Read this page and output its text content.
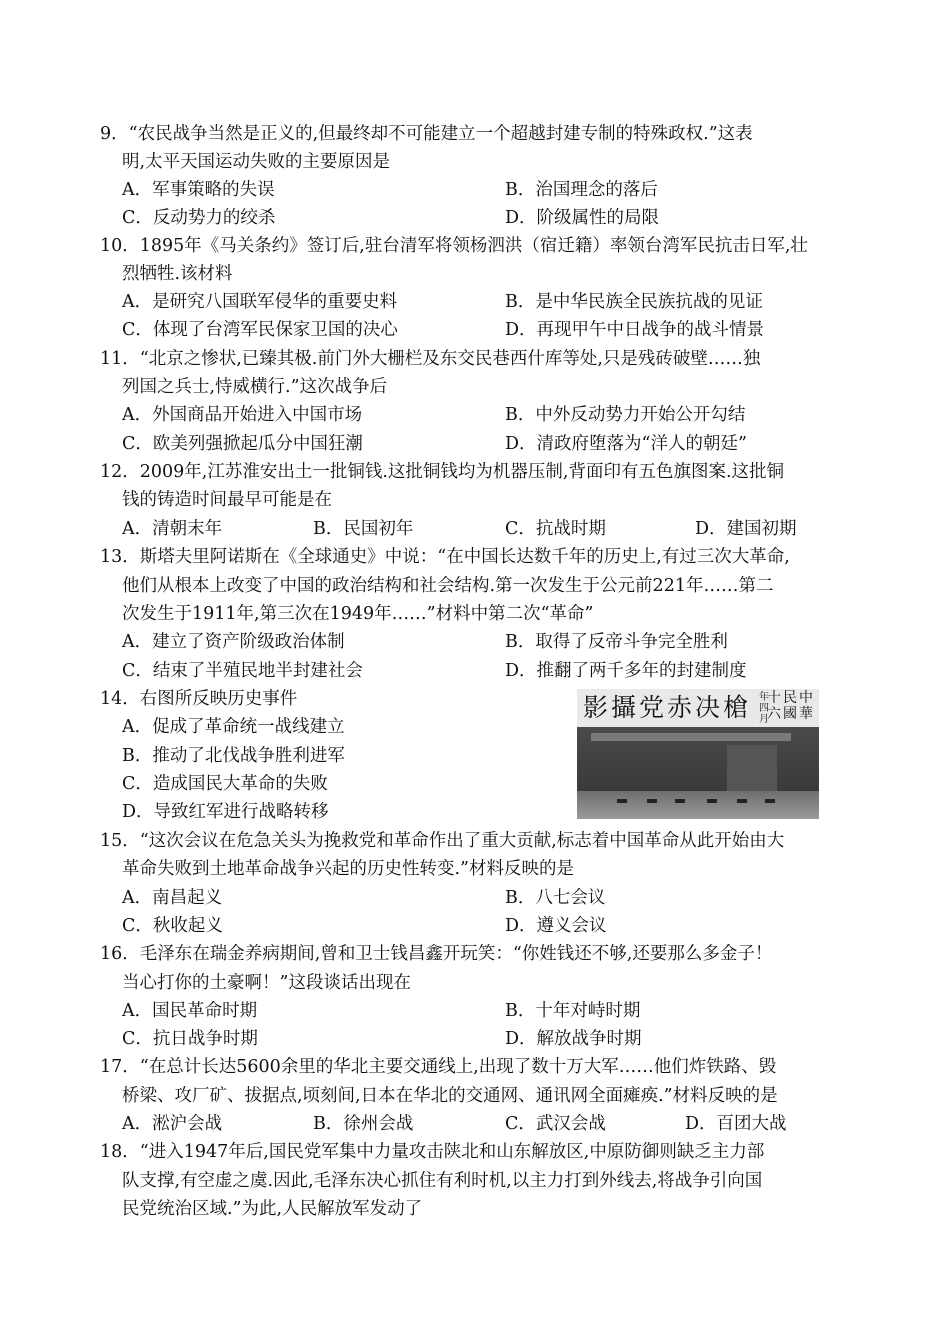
9．“农民战争当然是正义的,但最终却不可能建立一个超越封建专制的特殊政权.”这表
明,太平天国运动失败的主要原因是
A．军事策略的失误	B．治国理念的落后
C．反动势力的绞杀	D．阶级属性的局限
10．1895年《马关条约》签订后,驻台清军将领杨泗洪（宿迁籍）率领台湾军民抗击日军,壮
烈牺牲.该材料
A．是研究八国联军侵华的重要史料	B．是中华民族全民族抗战的见证
C．体现了台湾军民保家卫国的决心	D．再现甲午中日战争的战斗情景
11．“北京之惨状,已臻其极.前门外大栅栏及东交民巷西什库等处,只是残砖破壁……独
列国之兵士,恃威横行.”这次战争后
A．外国商品开始进入中国市场	B．中外反动势力开始公开勾结
C．欧美列强掀起瓜分中国狂潮	D．清政府堕落为“洋人的朝廷”
12．2009年,江苏淮安出土一批铜钱.这批铜钱均为机器压制,背面印有五色旗图案.这批铜
钱的铸造时间最早可能是在
A．清朝末年	B．民国初年	C．抗战时期	D．建国初期
13．斯塔夫里阿诺斯在《全球通史》中说：“在中国长达数千年的历史上,有过三次大革命,
他们从根本上改变了中国的政治结构和社会结构.第一次发生于公元前221年……第二
次发生于1911年,第三次在1949年……”材料中第二次“革命”
A．建立了资产阶级政治体制	B．取得了反帝斗争完全胜利
C．结束了半殖民地半封建社会	D．推翻了两千多年的封建制度
14．右图所反映历史事件
A．促成了革命统一战线建立
B．推动了北伐战争胜利进军
C．造成国民大革命的失败
D．导致红军进行战略转移
影攝党赤决槍	中
華
民
國
十
六
年
四
月
15．“这次会议在危急关头为挽救党和革命作出了重大贡献,标志着中国革命从此开始由大
革命失败到土地革命战争兴起的历史性转变.”材料反映的是
A．南昌起义	B．八七会议
C．秋收起义	D．遵义会议
16．毛泽东在瑞金养病期间,曾和卫士钱昌鑫开玩笑：“你姓钱还不够,还要那么多金子！
当心打你的土豪啊！”这段谈话出现在
A．国民革命时期	B．十年对峙时期
C．抗日战争时期	D．解放战争时期
17．“在总计长达5600余里的华北主要交通线上,出现了数十万大军……他们炸铁路、毁
桥梁、攻厂矿、拔据点,顷刻间,日本在华北的交通网、通讯网全面瘫痪.”材料反映的是
A．淞沪会战	B．徐州会战	C．武汉会战	D．百团大战
18．“进入1947年后,国民党军集中力量攻击陕北和山东解放区,中原防御则缺乏主力部
队支撑,有空虚之虞.因此,毛泽东决心抓住有利时机,以主力打到外线去,将战争引向国
民党统治区域.”为此,人民解放军发动了
